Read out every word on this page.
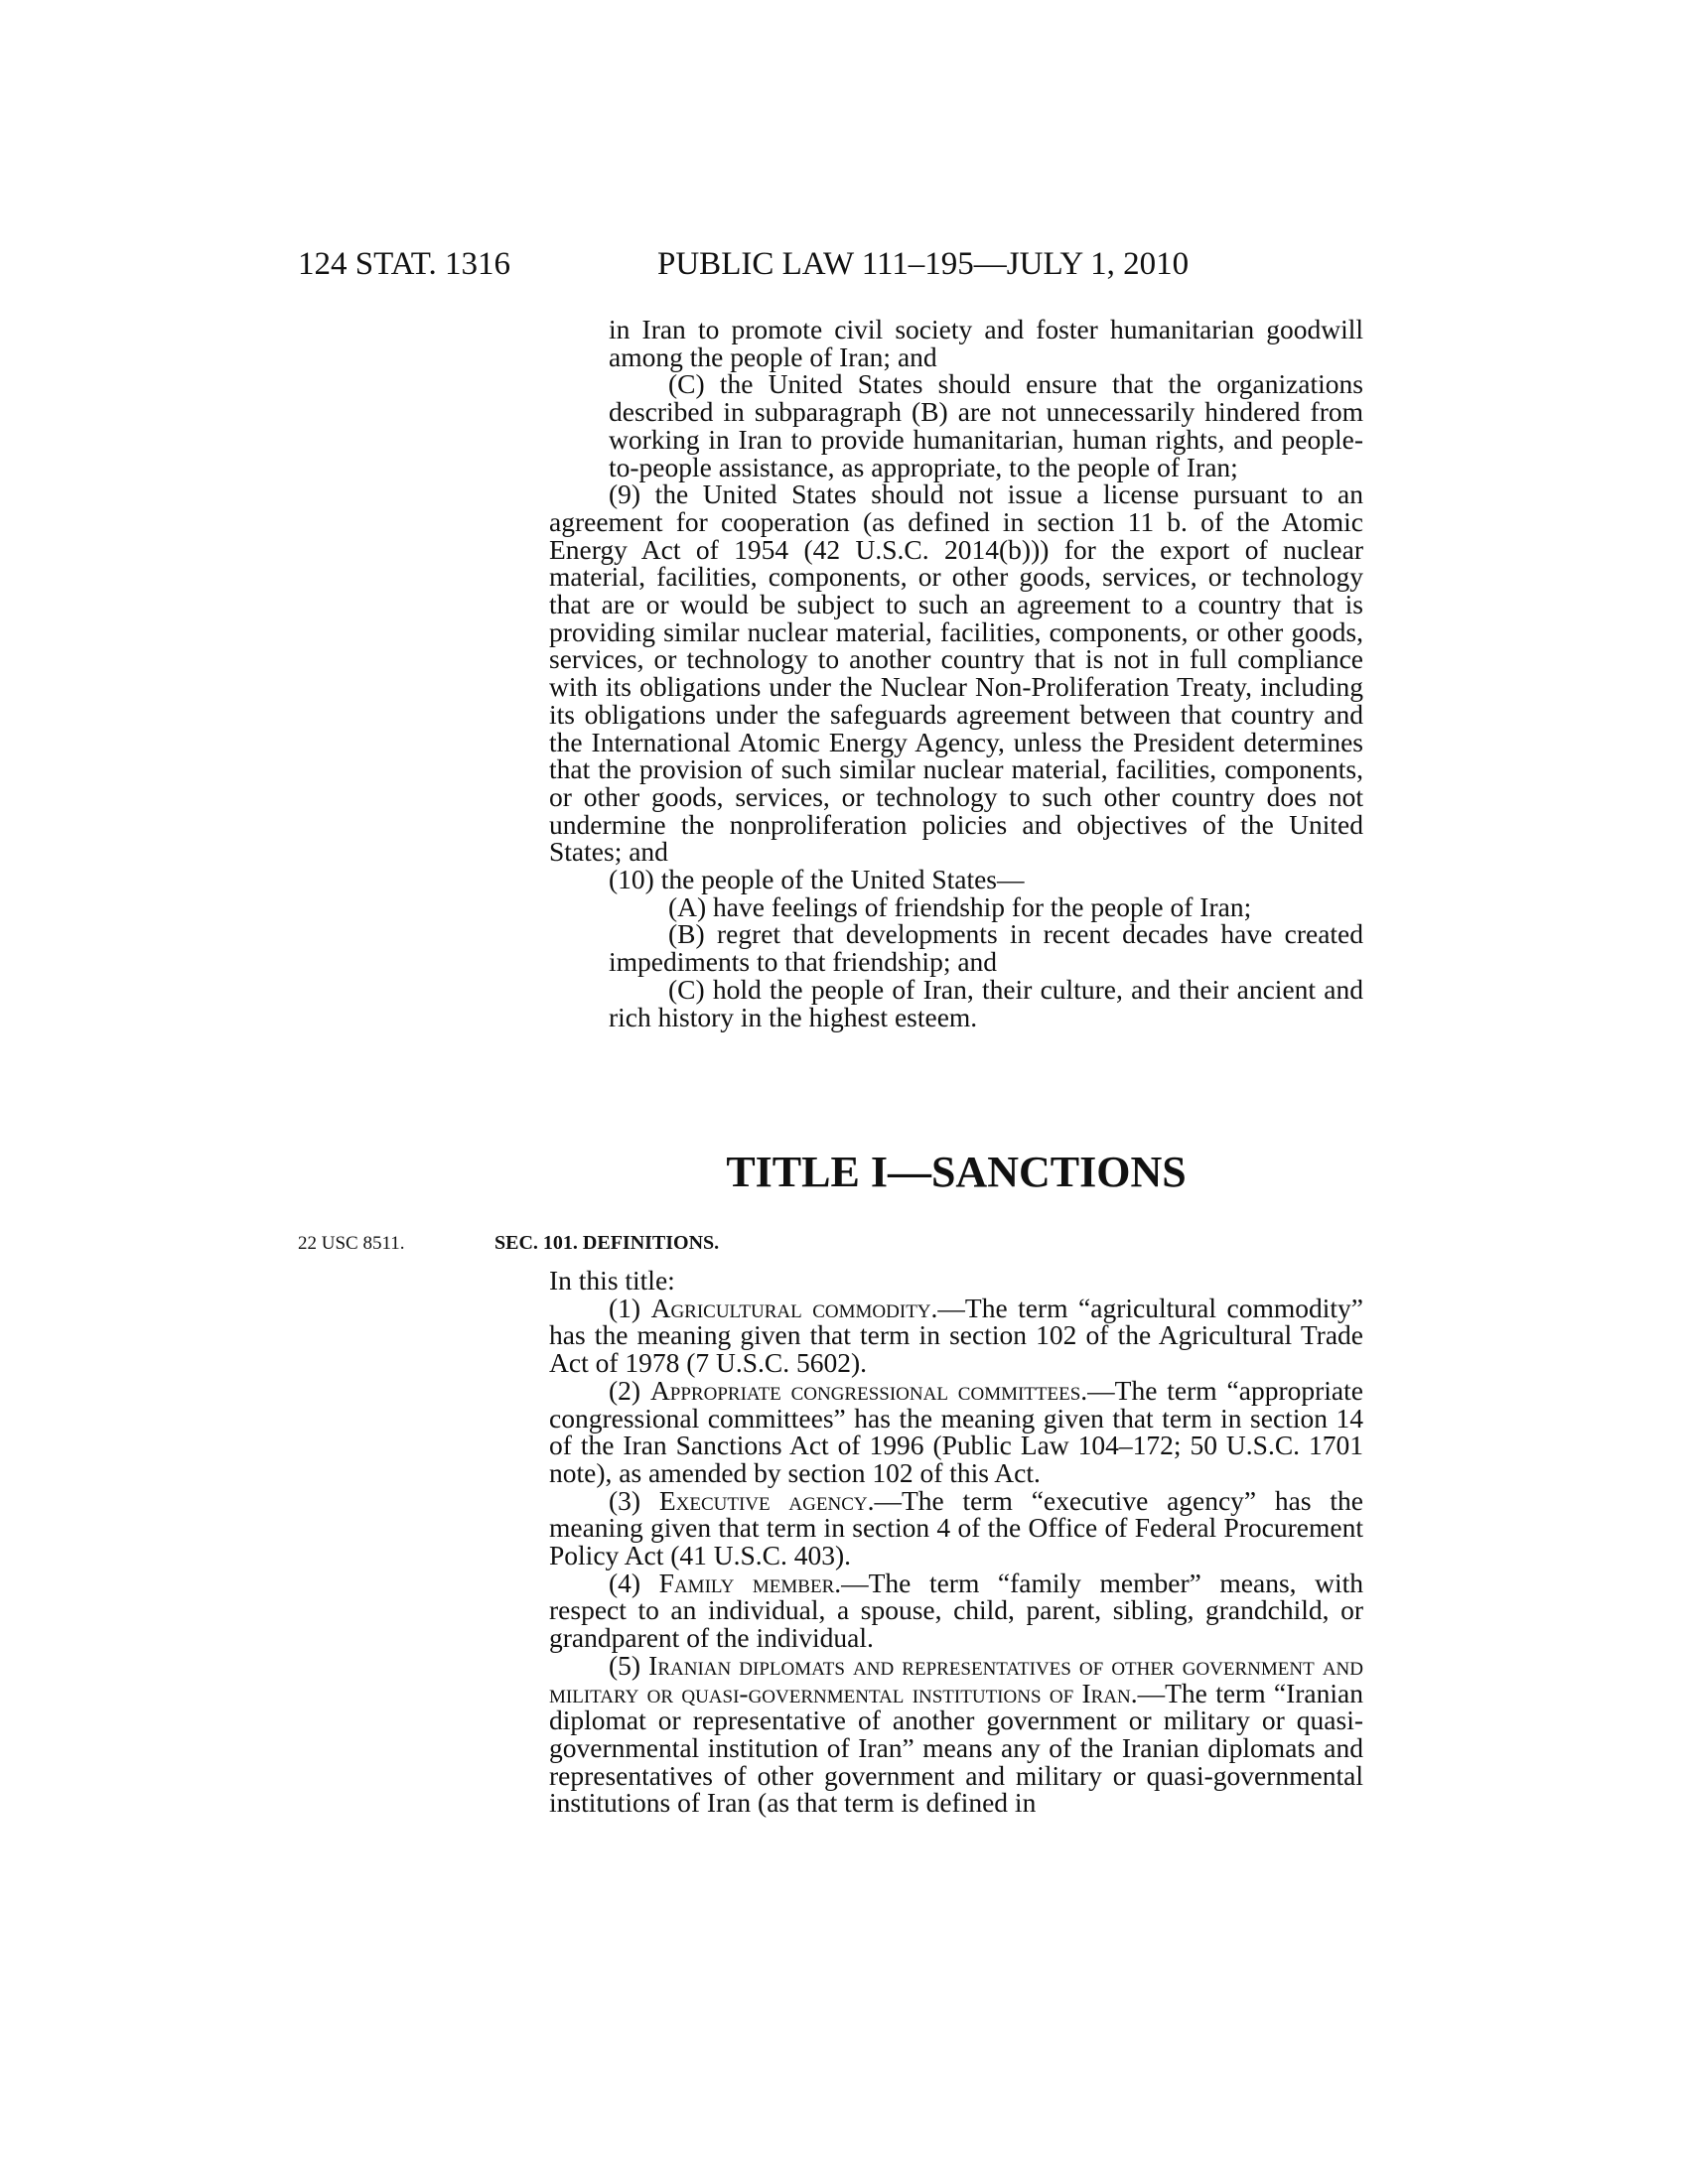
124 STAT. 1316	PUBLIC LAW 111–195—JULY 1, 2010

in Iran to promote civil society and foster humanitarian goodwill among the people of Iran; and

(C) the United States should ensure that the organizations described in subparagraph (B) are not unnecessarily hindered from working in Iran to provide humanitarian, human rights, and people-to-people assistance, as appropriate, to the people of Iran;

(9) the United States should not issue a license pursuant to an agreement for cooperation (as defined in section 11 b. of the Atomic Energy Act of 1954 (42 U.S.C. 2014(b))) for the export of nuclear material, facilities, components, or other goods, services, or technology that are or would be subject to such an agreement to a country that is providing similar nuclear material, facilities, components, or other goods, services, or technology to another country that is not in full compliance with its obligations under the Nuclear Non-Proliferation Treaty, including its obligations under the safeguards agreement between that country and the International Atomic Energy Agency, unless the President determines that the provision of such similar nuclear material, facilities, components, or other goods, services, or technology to such other country does not undermine the nonproliferation policies and objectives of the United States; and

(10) the people of the United States—

(A) have feelings of friendship for the people of Iran;

(B) regret that developments in recent decades have created impediments to that friendship; and

(C) hold the people of Iran, their culture, and their ancient and rich history in the highest esteem.

TITLE I—SANCTIONS
22 USC 8511.	SEC. 101. DEFINITIONS.

In this title:

(1) Agricultural commodity.—The term “agricultural commodity” has the meaning given that term in section 102 of the Agricultural Trade Act of 1978 (7 U.S.C. 5602).

(2) Appropriate congressional committees.—The term “appropriate congressional committees” has the meaning given that term in section 14 of the Iran Sanctions Act of 1996 (Public Law 104–172; 50 U.S.C. 1701 note), as amended by section 102 of this Act.

(3) Executive agency.—The term “executive agency” has the meaning given that term in section 4 of the Office of Federal Procurement Policy Act (41 U.S.C. 403).

(4) Family member.—The term “family member” means, with respect to an individual, a spouse, child, parent, sibling, grandchild, or grandparent of the individual.

(5) Iranian diplomats and representatives of other government and military or quasi-governmental institutions of Iran.—The term “Iranian diplomat or representative of another government or military or quasi-governmental institution of Iran” means any of the Iranian diplomats and representatives of other government and military or quasi-governmental institutions of Iran (as that term is defined in
